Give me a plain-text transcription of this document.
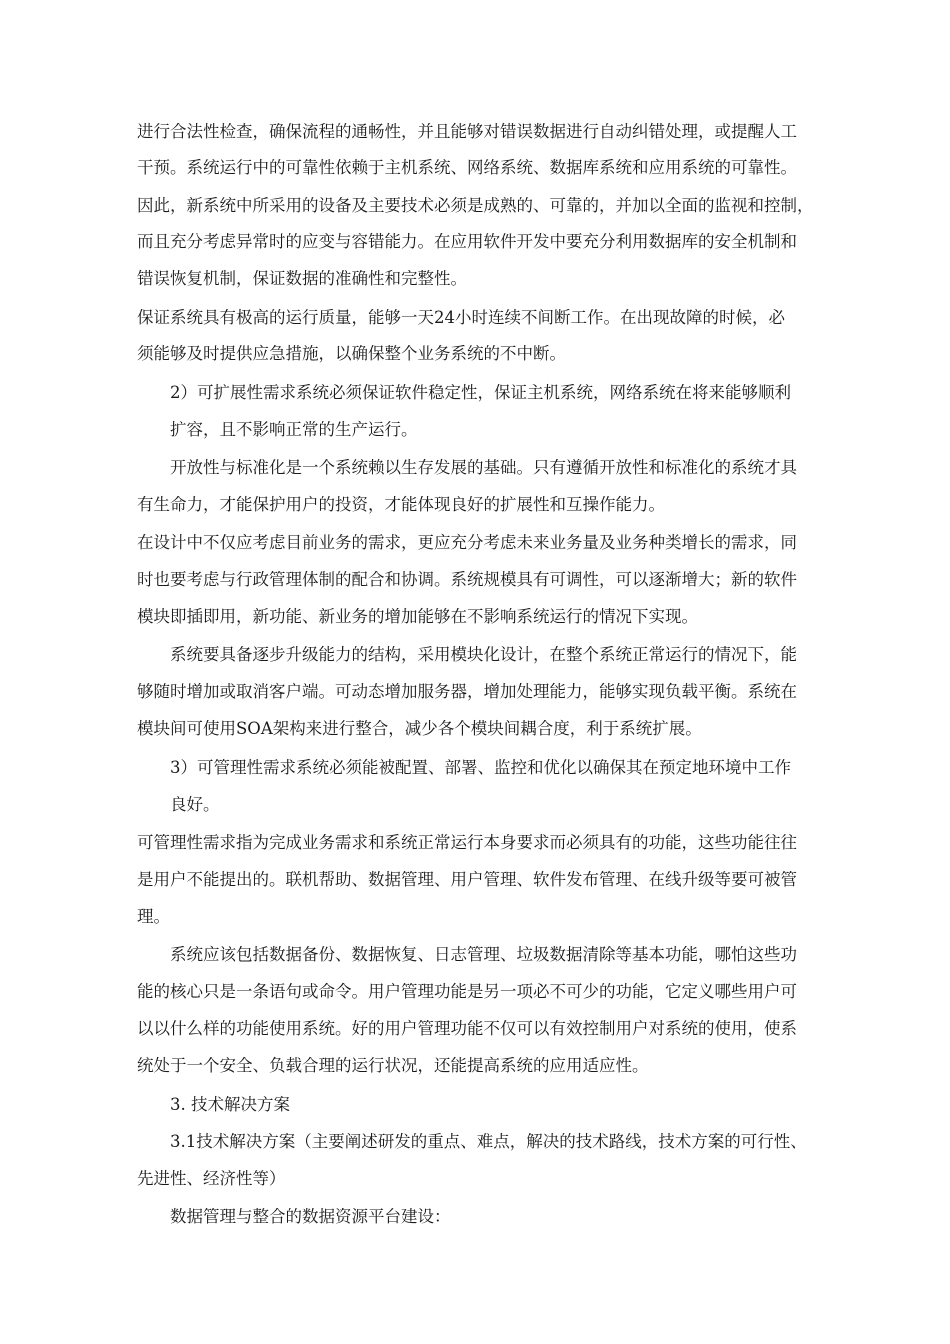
进行合法性检查，确保流程的通畅性，并且能够对错误数据进行自动纠错处理，或提醒人工
干预。系统运行中的可靠性依赖于主机系统、网络系统、数据库系统和应用系统的可靠性。
因此，新系统中所采用的设备及主要技术必须是成熟的、可靠的，并加以全面的监视和控制，
而且充分考虑异常时的应变与容错能力。在应用软件开发中要充分利用数据库的安全机制和
错误恢复机制，保证数据的准确性和完整性。
保证系统具有极高的运行质量，能够一天24小时连续不间断工作。在出现故障的时候，必
须能够及时提供应急措施，以确保整个业务系统的不中断。
2）可扩展性需求系统必须保证软件稳定性，保证主机系统，网络系统在将来能够顺利
扩容，且不影响正常的生产运行。
开放性与标准化是一个系统赖以生存发展的基础。只有遵循开放性和标准化的系统才具
有生命力，才能保护用户的投资，才能体现良好的扩展性和互操作能力。
在设计中不仅应考虑目前业务的需求，更应充分考虑未来业务量及业务种类增长的需求，同
时也要考虑与行政管理体制的配合和协调。系统规模具有可调性，可以逐渐增大；新的软件
模块即插即用，新功能、新业务的增加能够在不影响系统运行的情况下实现。
系统要具备逐步升级能力的结构，采用模块化设计，在整个系统正常运行的情况下，能
够随时增加或取消客户端。可动态增加服务器，增加处理能力，能够实现负载平衡。系统在
模块间可使用SOA架构来进行整合，减少各个模块间耦合度，利于系统扩展。
3）可管理性需求系统必须能被配置、部署、监控和优化以确保其在预定地环境中工作
良好。
可管理性需求指为完成业务需求和系统正常运行本身要求而必须具有的功能，这些功能往往
是用户不能提出的。联机帮助、数据管理、用户管理、软件发布管理、在线升级等要可被管
理。
系统应该包括数据备份、数据恢复、日志管理、垃圾数据清除等基本功能，哪怕这些功
能的核心只是一条语句或命令。用户管理功能是另一项必不可少的功能，它定义哪些用户可
以以什么样的功能使用系统。好的用户管理功能不仅可以有效控制用户对系统的使用，使系
统处于一个安全、负载合理的运行状况，还能提高系统的应用适应性。
3. 技术解决方案
3.1技术解决方案（主要阐述研发的重点、难点，解决的技术路线，技术方案的可行性、
先进性、经济性等）
数据管理与整合的数据资源平台建设：
